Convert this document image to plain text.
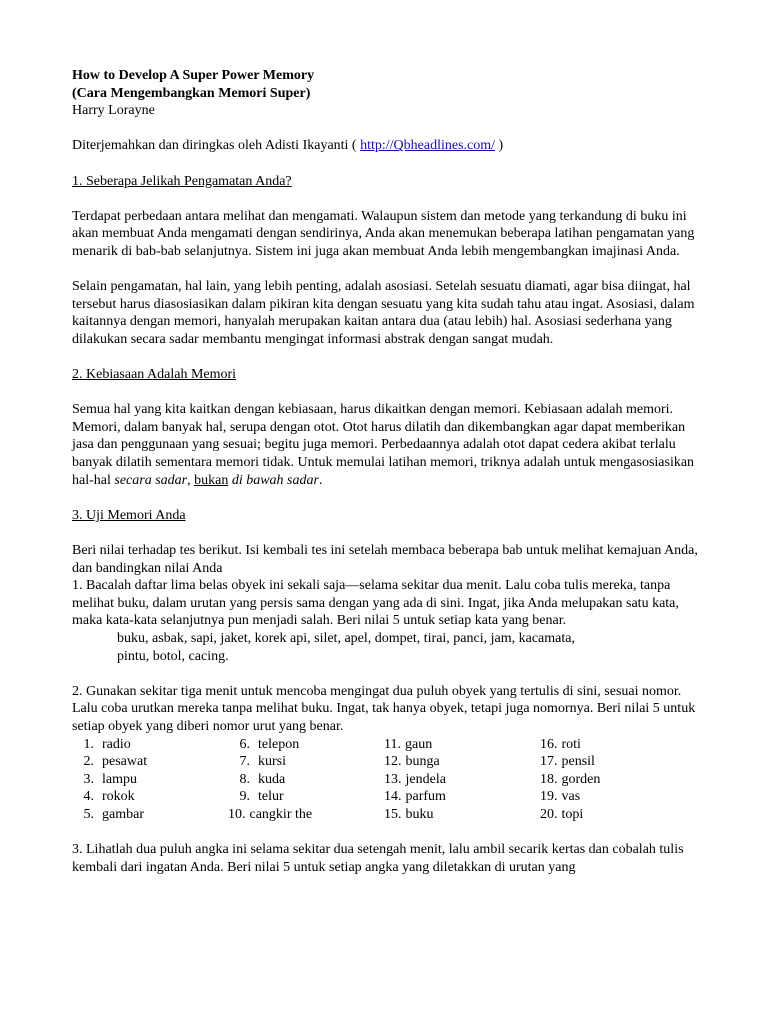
How to Develop A Super Power Memory

(Cara Mengembangkan Memori Super)

Harry Lorayne

Diterjemahkan dan diringkas oleh Adisti Ikayanti ( http://Qbheadlines.com/ )

1. Seberapa Jelikah Pengamatan Anda?

Terdapat perbedaan antara melihat dan mengamati. Walaupun sistem dan metode yang terkandung di buku ini akan membuat Anda mengamati dengan sendirinya, Anda akan menemukan beberapa latihan pengamatan yang menarik di bab-bab selanjutnya. Sistem ini juga akan membuat Anda lebih mengembangkan imajinasi Anda.

Selain pengamatan, hal lain, yang lebih penting, adalah asosiasi. Setelah sesuatu diamati, agar bisa diingat, hal tersebut harus diasosiasikan dalam pikiran kita dengan sesuatu yang kita sudah tahu atau ingat. Asosiasi, dalam kaitannya dengan memori, hanyalah merupakan kaitan antara dua (atau lebih) hal. Asosiasi sederhana yang dilakukan secara sadar membantu mengingat informasi abstrak dengan sangat mudah.

2. Kebiasaan Adalah Memori

Semua hal yang kita kaitkan dengan kebiasaan, harus dikaitkan dengan memori. Kebiasaan adalah memori. Memori, dalam banyak hal, serupa dengan otot. Otot harus dilatih dan dikembangkan agar dapat memberikan jasa dan penggunaan yang sesuai; begitu juga memori. Perbedaannya adalah otot dapat cedera akibat terlalu banyak dilatih sementara memori tidak. Untuk memulai latihan memori, triknya adalah untuk mengasosiasikan hal-hal secara sadar, bukan di bawah sadar.

3. Uji Memori Anda

Beri nilai terhadap tes berikut. Isi kembali tes ini setelah membaca beberapa bab untuk melihat kemajuan Anda, dan bandingkan nilai Anda

1. Bacalah daftar lima belas obyek ini sekali saja—selama sekitar dua menit. Lalu coba tulis mereka, tanpa melihat buku, dalam urutan yang persis sama dengan yang ada di sini. Ingat, jika Anda melupakan satu kata, maka kata-kata selanjutnya pun menjadi salah. Beri nilai 5 untuk setiap kata yang benar.

buku, asbak, sapi, jaket, korek api, silet, apel, dompet, tirai, panci, jam, kacamata,

pintu, botol, cacing.

2. Gunakan sekitar tiga menit untuk mencoba mengingat dua puluh obyek yang tertulis di sini, sesuai nomor. Lalu coba urutkan mereka tanpa melihat buku. Ingat, tak hanya obyek, tetapi juga nomornya. Beri nilai 5 untuk setiap obyek yang diberi nomor urut yang benar.

1. radio	6. telepon	11. gaun	16. roti
2. pesawat	7. kursi	12. bunga	17. pensil
3. lampu	8. kuda	13. jendela	18. gorden
4. rokok	9. telur	14. parfum	19. vas
5. gambar	10. cangkir the	15. buku	20. topi

3. Lihatlah dua puluh angka ini selama sekitar dua setengah menit, lalu ambil secarik kertas dan cobalah tulis kembali dari ingatan Anda. Beri nilai 5 untuk setiap angka yang diletakkan di urutan yang
